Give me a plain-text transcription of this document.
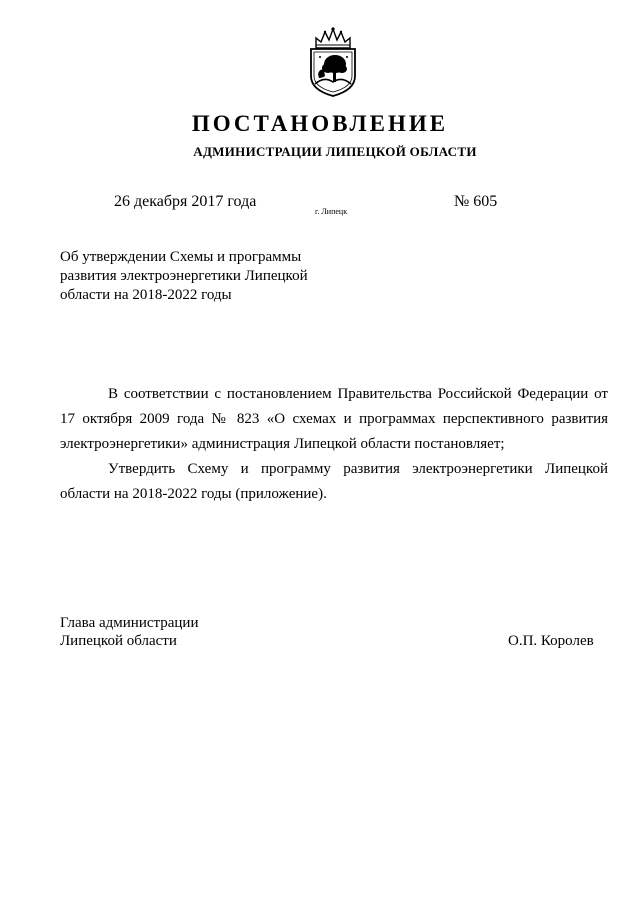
ПОСТАНОВЛЕНИЕ
АДМИНИСТРАЦИИ ЛИПЕЦКОЙ ОБЛАСТИ
26 декабря 2017 года
г. Липецк
№ 605
Об утверждении Схемы и программы
развития электроэнергетики Липецкой
области на 2018-2022 годы

В соответствии с постановлением Правительства Российской Федерации от 17 октября 2009 года № 823 «О схемах и программах перспективного развития электроэнергетики» администрация Липецкой области постановляет;

Утвердить Схему и программу развития электроэнергетики Липецкой области на 2018-2022 годы (приложение).

Глава администрации
Липецкой области	О.П. Королев
